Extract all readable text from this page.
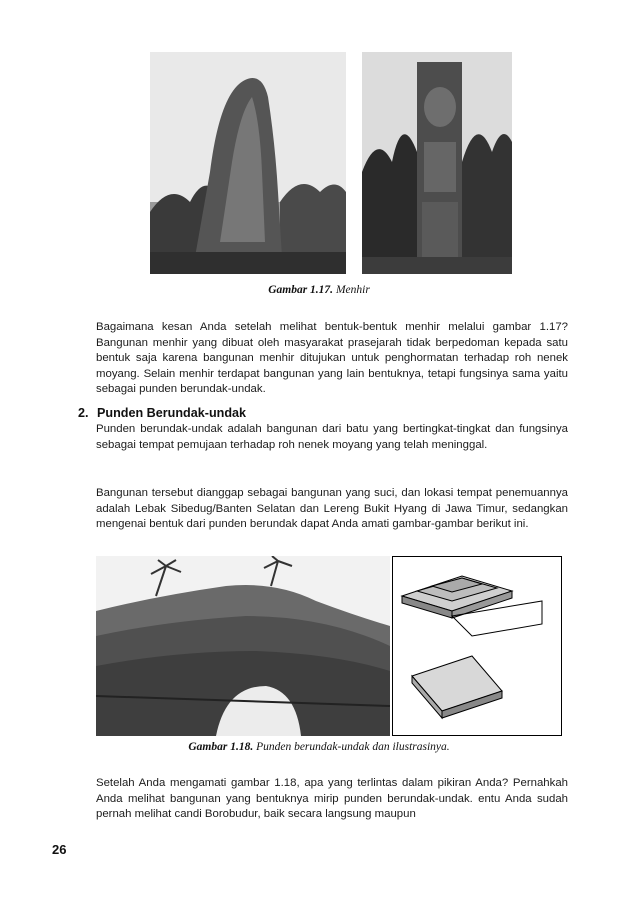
Gambar 1.17. Menhir
Bagaimana kesan Anda setelah melihat bentuk-bentuk menhir melalui gambar 1.17? Bangunan menhir yang dibuat oleh masyarakat prasejarah tidak berpedoman kepada satu bentuk saja karena bangunan menhir ditujukan untuk penghormatan terhadap roh nenek moyang. Selain menhir terdapat bangunan yang lain bentuknya, tetapi fungsinya sama yaitu sebagai punden berundak-undak.
2. Punden Berundak-undak
Punden berundak-undak adalah bangunan dari batu yang bertingkat-tingkat dan fungsinya sebagai tempat pemujaan terhadap roh nenek moyang yang telah meninggal.
Bangunan tersebut dianggap sebagai bangunan yang suci, dan lokasi tempat penemuannya adalah Lebak Sibedug/Banten Selatan dan Lereng Bukit Hyang di Jawa Timur, sedangkan mengenai bentuk dari punden berundak dapat Anda amati gambar-gambar berikut ini.
Gambar 1.18. Punden berundak-undak dan ilustrasinya.
Setelah Anda mengamati gambar 1.18, apa yang terlintas dalam pikiran Anda? Pernahkah Anda melihat bangunan yang bentuknya mirip punden berundak-undak. entu Anda sudah pernah melihat candi Borobudur, baik secara langsung maupun
26
